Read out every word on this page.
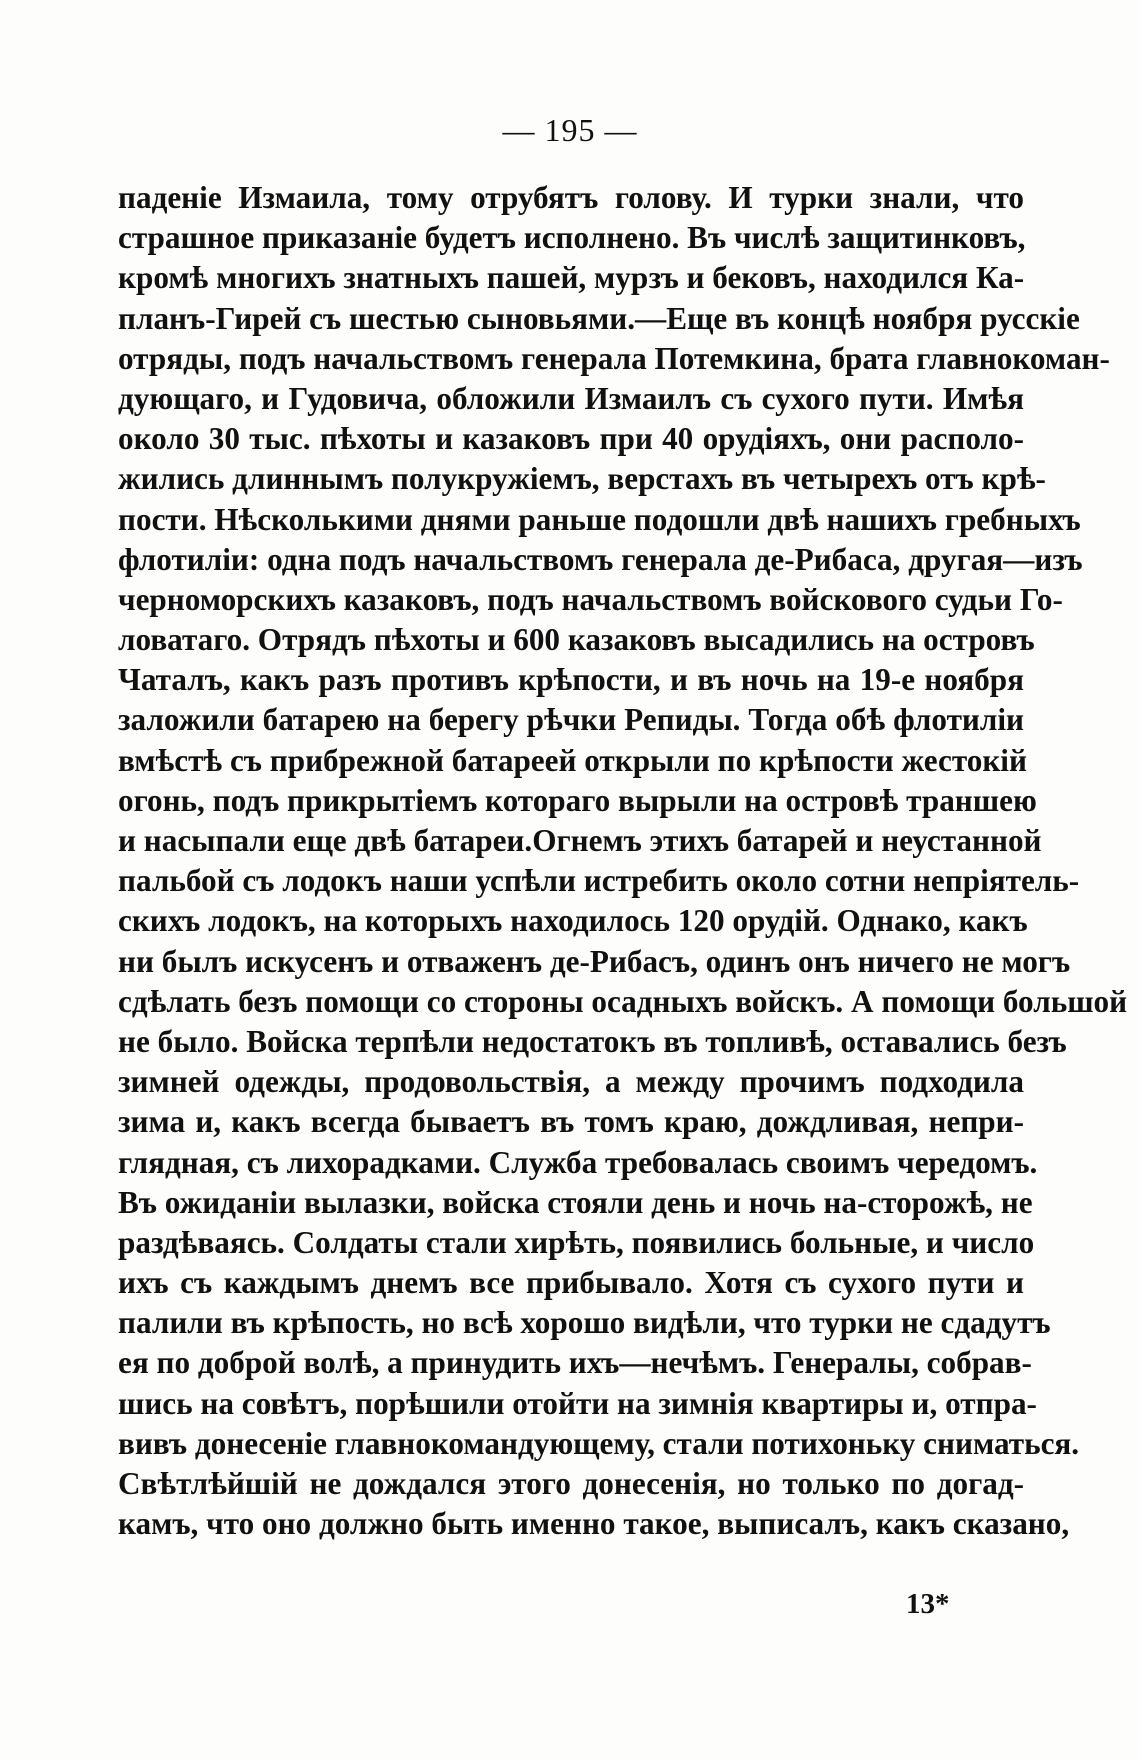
— 195 —
паденіе Измаила, тому отрубятъ голову. И турки знали, что
страшное приказаніе будетъ исполнено. Въ числѣ защитинковъ,
кромѣ многихъ знатныхъ пашей, мурзъ и бековъ, находился Ка-
планъ-Гирей съ шестью сыновьями.—Еще въ концѣ ноября русскіе
отряды, подъ начальствомъ генерала Потемкина, брата главнокоман-
дующаго, и Гудовича, обложили Измаилъ съ сухого пути. Имѣя
около 30 тыс. пѣхоты и казаковъ при 40 орудіяхъ, они располо-
жились длиннымъ полукружіемъ, верстахъ въ четырехъ отъ крѣ-
пости. Нѣсколькими днями раньше подошли двѣ нашихъ гребныхъ
флотиліи: одна подъ начальствомъ генерала де-Рибаса, другая—изъ
черноморскихъ казаковъ, подъ начальствомъ войскового судьи Го-
ловатаго. Отрядъ пѣхоты и 600 казаковъ высадились на островъ
Чаталъ, какъ разъ противъ крѣпости, и въ ночь на 19-е ноября
заложили батарею на берегу рѣчки Репиды. Тогда обѣ флотиліи
вмѣстѣ съ прибрежной батареей открыли по крѣпости жестокій
огонь, подъ прикрытіемъ котораго вырыли на островѣ траншею
и насыпали еще двѣ батареи.Огнемъ этихъ батарей и неустанной
пальбой съ лодокъ наши успѣли истребить около сотни непріятель-
скихъ лодокъ, на которыхъ находилось 120 орудій. Однако, какъ
ни былъ искусенъ и отваженъ де-Рибасъ, одинъ онъ ничего не могъ
сдѣлать безъ помощи со стороны осадныхъ войскъ. А помощи большой
не было. Войска терпѣли недостатокъ въ топливѣ, оставались безъ
зимней одежды, продовольствія, а между прочимъ подходила
зима и, какъ всегда бываетъ въ томъ краю, дождливая, непри-
глядная, съ лихорадками. Служба требовалась своимъ чередомъ.
Въ ожиданіи вылазки, войска стояли день и ночь на-сторожѣ, не
раздѣваясь. Солдаты стали хирѣть, появились больные, и число
ихъ съ каждымъ днемъ все прибывало. Хотя съ сухого пути и
палили въ крѣпость, но всѣ хорошо видѣли, что турки не сдадутъ
ея по доброй волѣ, а принудить ихъ—нечѣмъ. Генералы, собрав-
шись на совѣтъ, порѣшили отойти на зимнія квартиры и, отпра-
вивъ донесеніе главнокомандующему, стали потихоньку сниматься.
Свѣтлѣйшій не дождался этого донесенія, но только по догад-
камъ, что оно должно быть именно такое, выписалъ, какъ сказано,
13*
